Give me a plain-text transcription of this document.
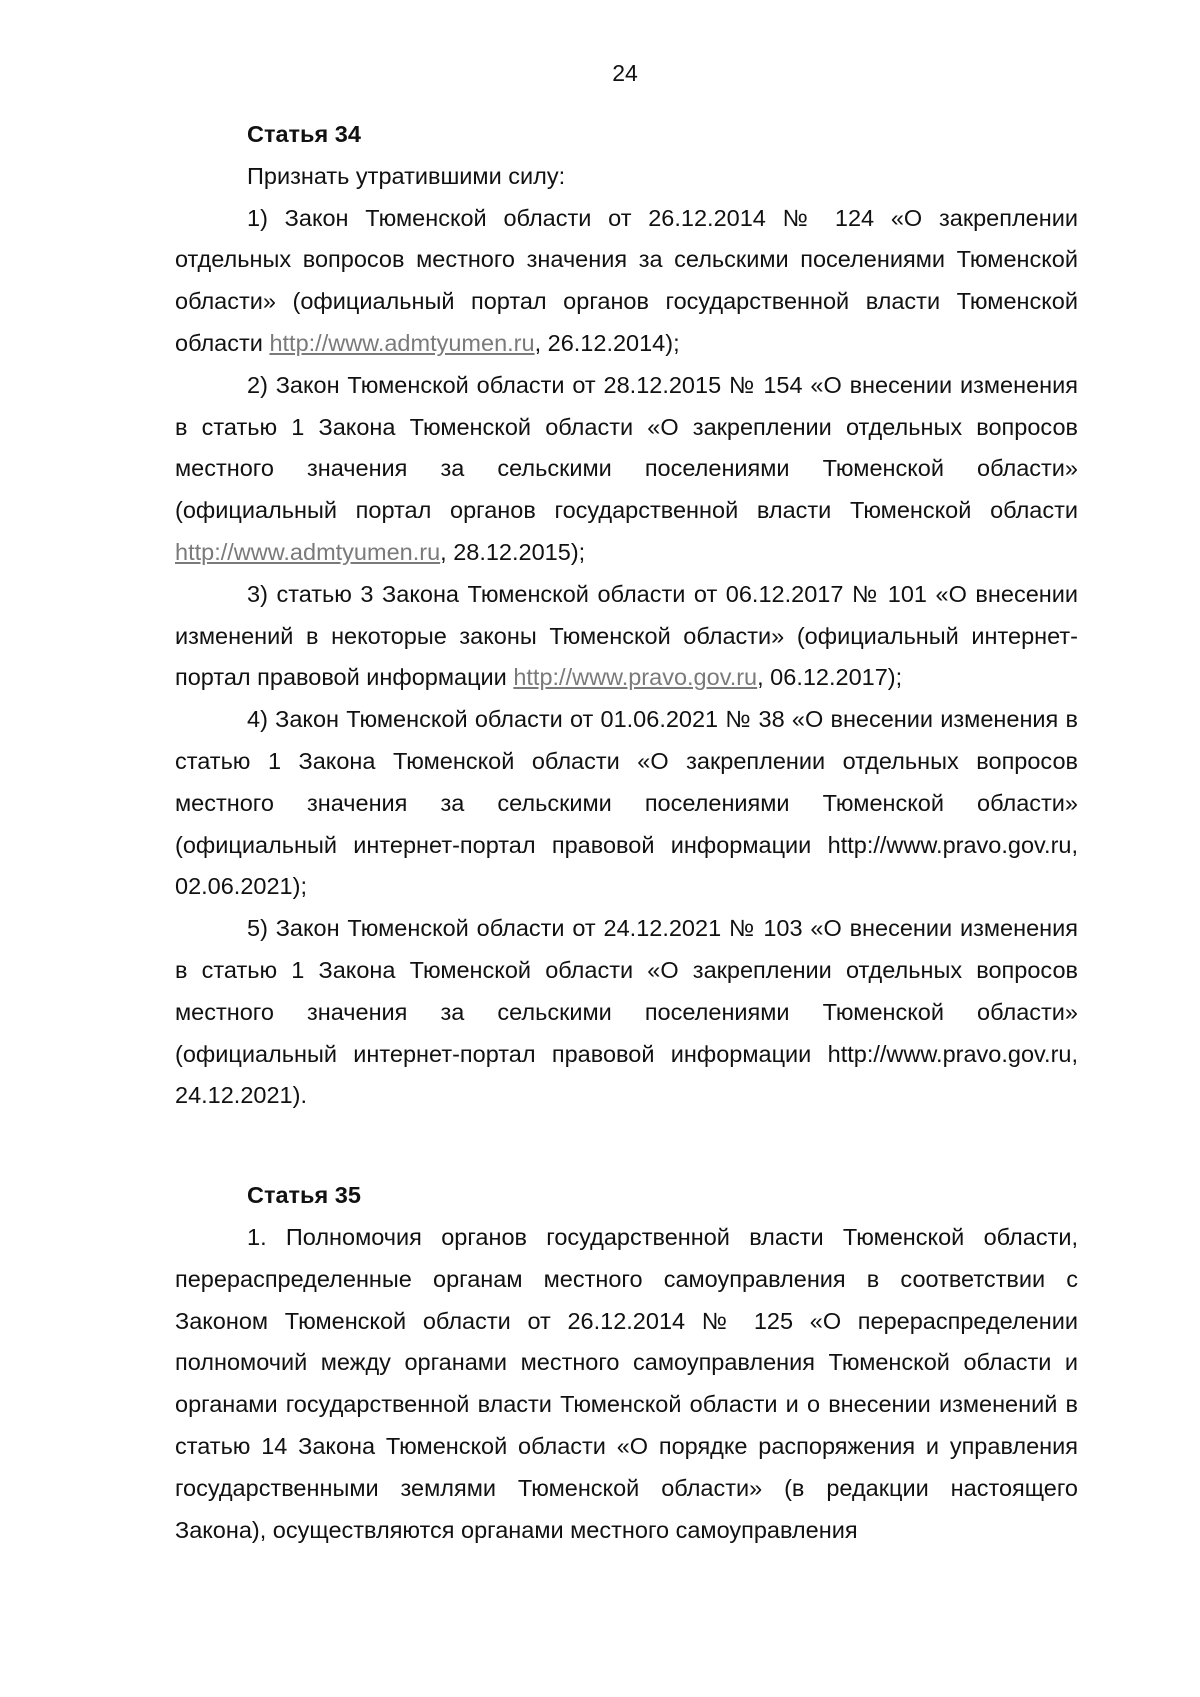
24
Статья 34

Признать утратившими силу:

1) Закон Тюменской области от 26.12.2014 № 124 «О закреплении отдельных вопросов местного значения за сельскими поселениями Тюменской области» (официальный портал органов государственной власти Тюменской области http://www.admtyumen.ru, 26.12.2014);

2) Закон Тюменской области от 28.12.2015 № 154 «О внесении изменения в статью 1 Закона Тюменской области «О закреплении отдельных вопросов местного значения за сельскими поселениями Тюменской области» (официальный портал органов государственной власти Тюменской области http://www.admtyumen.ru, 28.12.2015);

3) статью 3 Закона Тюменской области от 06.12.2017 № 101 «О внесении изменений в некоторые законы Тюменской области» (официальный интернет-портал правовой информации http://www.pravo.gov.ru, 06.12.2017);

4) Закон Тюменской области от 01.06.2021 № 38 «О внесении изменения в статью 1 Закона Тюменской области «О закреплении отдельных вопросов местного значения за сельскими поселениями Тюменской области» (официальный интернет-портал правовой информации http://www.pravo.gov.ru, 02.06.2021);

5) Закон Тюменской области от 24.12.2021 № 103 «О внесении изменения в статью 1 Закона Тюменской области «О закреплении отдельных вопросов местного значения за сельскими поселениями Тюменской области» (официальный интернет-портал правовой информации http://www.pravo.gov.ru, 24.12.2021).

Статья 35

1. Полномочия органов государственной власти Тюменской области, перераспределенные органам местного самоуправления в соответствии с Законом Тюменской области от 26.12.2014 № 125 «О перераспределении полномочий между органами местного самоуправления Тюменской области и органами государственной власти Тюменской области и о внесении изменений в статью 14 Закона Тюменской области «О порядке распоряжения и управления государственными землями Тюменской области» (в редакции настоящего Закона), осуществляются органами местного самоуправления
